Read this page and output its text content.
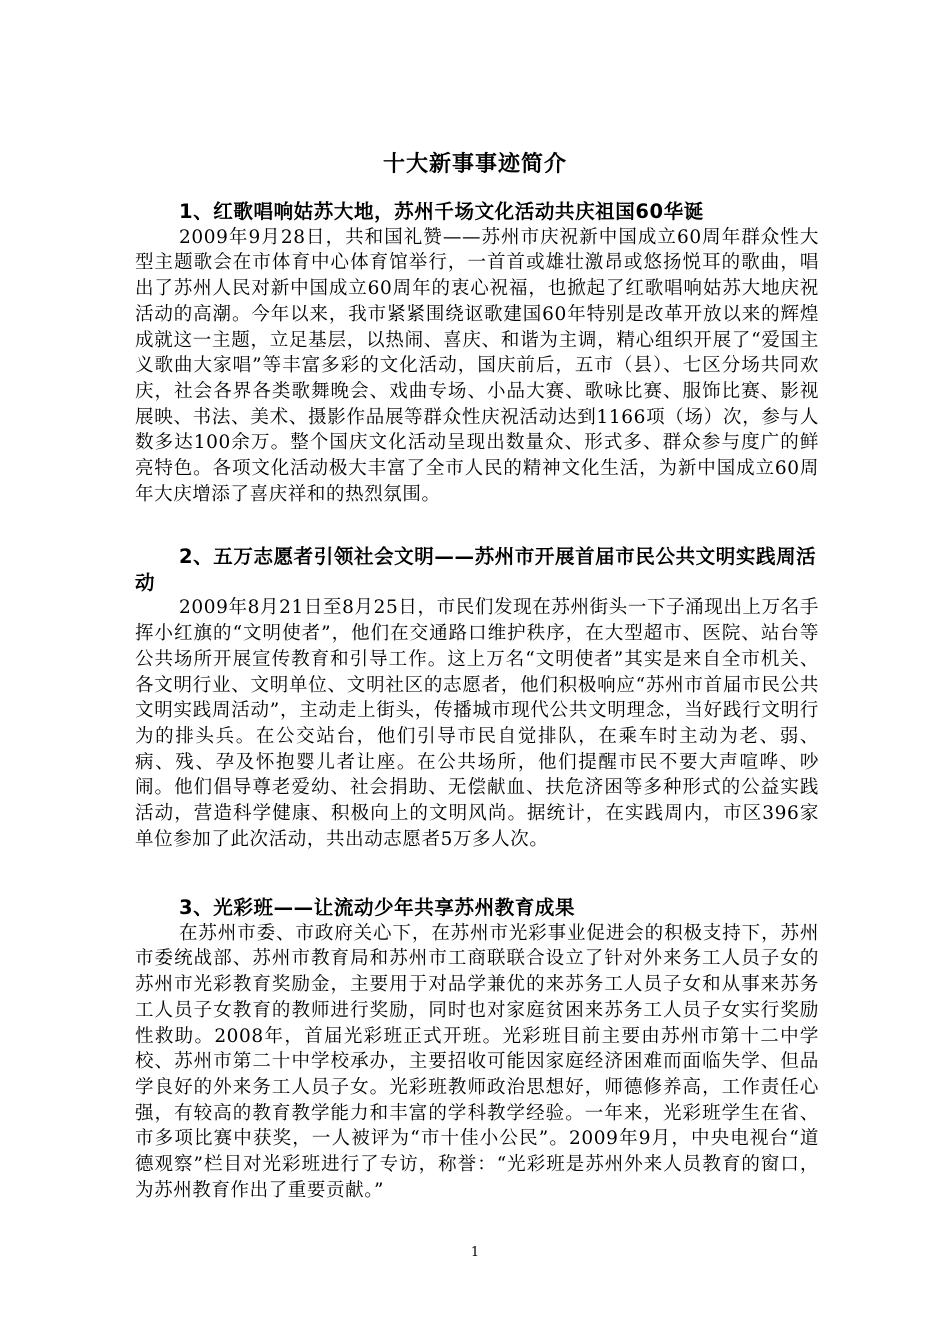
十大新事事迹简介

1、红歌唱响姑苏大地，苏州千场文化活动共庆祖国60华诞

2009年9月28日，共和国礼赞——苏州市庆祝新中国成立60周年群众性大型主题歌会在市体育中心体育馆举行，一首首或雄壮激昂或悠扬悦耳的歌曲，唱出了苏州人民对新中国成立60周年的衷心祝福，也掀起了红歌唱响姑苏大地庆祝活动的高潮。今年以来，我市紧紧围绕讴歌建国60年特别是改革开放以来的辉煌成就这一主题，立足基层，以热闹、喜庆、和谐为主调，精心组织开展了“爱国主义歌曲大家唱”等丰富多彩的文化活动，国庆前后，五市（县）、七区分场共同欢庆，社会各界各类歌舞晚会、戏曲专场、小品大赛、歌咏比赛、服饰比赛、影视展映、书法、美术、摄影作品展等群众性庆祝活动达到1166项（场）次，参与人数多达100余万。整个国庆文化活动呈现出数量众、形式多、群众参与度广的鲜亮特色。各项文化活动极大丰富了全市人民的精神文化生活，为新中国成立60周年大庆增添了喜庆祥和的热烈氛围。

2、五万志愿者引领社会文明——苏州市开展首届市民公共文明实践周活动

2009年8月21日至8月25日，市民们发现在苏州街头一下子涌现出上万名手挥小红旗的“文明使者”，他们在交通路口维护秩序，在大型超市、医院、站台等公共场所开展宣传教育和引导工作。这上万名“文明使者”其实是来自全市机关、各文明行业、文明单位、文明社区的志愿者，他们积极响应“苏州市首届市民公共文明实践周活动”，主动走上街头，传播城市现代公共文明理念，当好践行文明行为的排头兵。在公交站台，他们引导市民自觉排队，在乘车时主动为老、弱、病、残、孕及怀抱婴儿者让座。在公共场所，他们提醒市民不要大声喧哗、吵闹。他们倡导尊老爱幼、社会捐助、无偿献血、扶危济困等多种形式的公益实践活动，营造科学健康、积极向上的文明风尚。据统计，在实践周内，市区396家单位参加了此次活动，共出动志愿者5万多人次。

3、光彩班——让流动少年共享苏州教育成果

在苏州市委、市政府关心下，在苏州市光彩事业促进会的积极支持下，苏州市委统战部、苏州市教育局和苏州市工商联联合设立了针对外来务工人员子女的苏州市光彩教育奖励金，主要用于对品学兼优的来苏务工人员子女和从事来苏务工人员子女教育的教师进行奖励，同时也对家庭贫困来苏务工人员子女实行奖励性救助。2008年，首届光彩班正式开班。光彩班目前主要由苏州市第十二中学校、苏州市第二十中学校承办，主要招收可能因家庭经济困难而面临失学、但品学良好的外来务工人员子女。光彩班教师政治思想好，师德修养高，工作责任心强，有较高的教育教学能力和丰富的学科教学经验。一年来，光彩班学生在省、市多项比赛中获奖，一人被评为“市十佳小公民”。2009年9月，中央电视台“道德观察”栏目对光彩班进行了专访，称誉：“光彩班是苏州外来人员教育的窗口，为苏州教育作出了重要贡献。”

1
